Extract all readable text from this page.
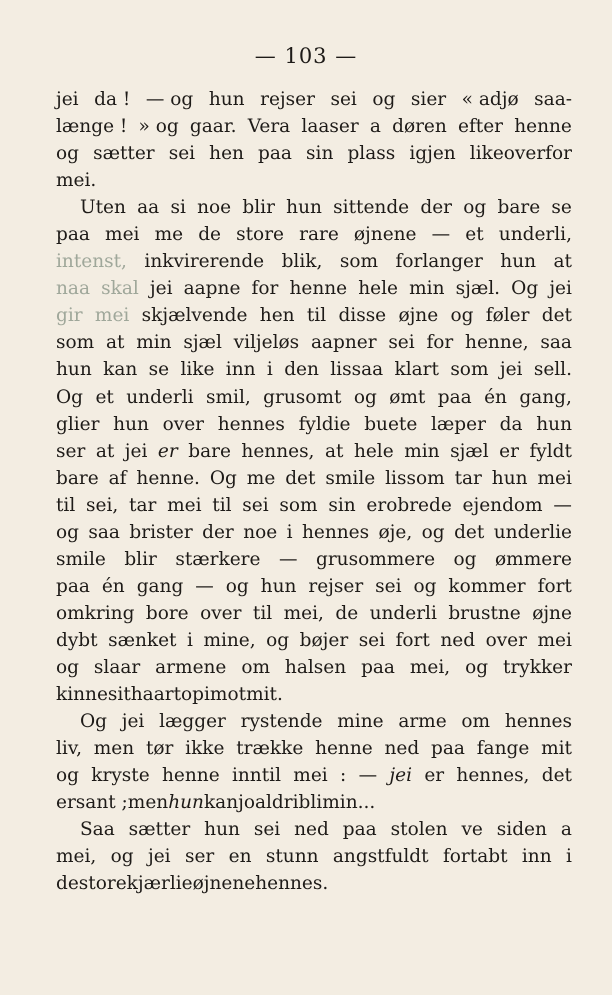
— 103 —
jei da ! — og hun rejser sei og sier « adjø saa-
længe ! » og gaar. Vera laaser a døren efter henne
og sætter sei hen paa sin plass igjen likeoverfor
mei.
Uten aa si noe blir hun sittende der og bare se
paa mei me de store rare øjnene — et underli,
intenst, inkvirerende blik, som forlanger hun at
naa skal jei aapne for henne hele min sjæl. Og jei
gir mei skjælvende hen til disse øjne og føler det
som at min sjæl viljeløs aapner sei for henne, saa
hun kan se like inn i den lissaa klart som jei sell.
Og et underli smil, grusomt og ømt paa én gang,
glier hun over hennes fyldie buete læper da hun
ser at jei er bare hennes, at hele min sjæl er fyldt
bare af henne. Og me det smile lissom tar hun mei
til sei, tar mei til sei som sin erobrede ejendom —
og saa brister der noe i hennes øje, og det underlie
smile blir stærkere — grusommere og ømmere
paa én gang — og hun rejser sei og kommer fort
omkring bore over til mei, de underli brustne øjne
dybt sænket i mine, og bøjer sei fort ned over mei
og slaar armene om halsen paa mei, og trykker
kinne sit haart op imot mit.
Og jei lægger rystende mine arme om hennes
liv, men tør ikke trække henne ned paa fange mit
og kryste henne inntil mei : — jei er hennes, det
er sant ; men hun kan jo aldri bli min...
Saa sætter hun sei ned paa stolen ve siden a
mei, og jei ser en stunn angstfuldt fortabt inn i
de store kjærlie øjnene hennes.
